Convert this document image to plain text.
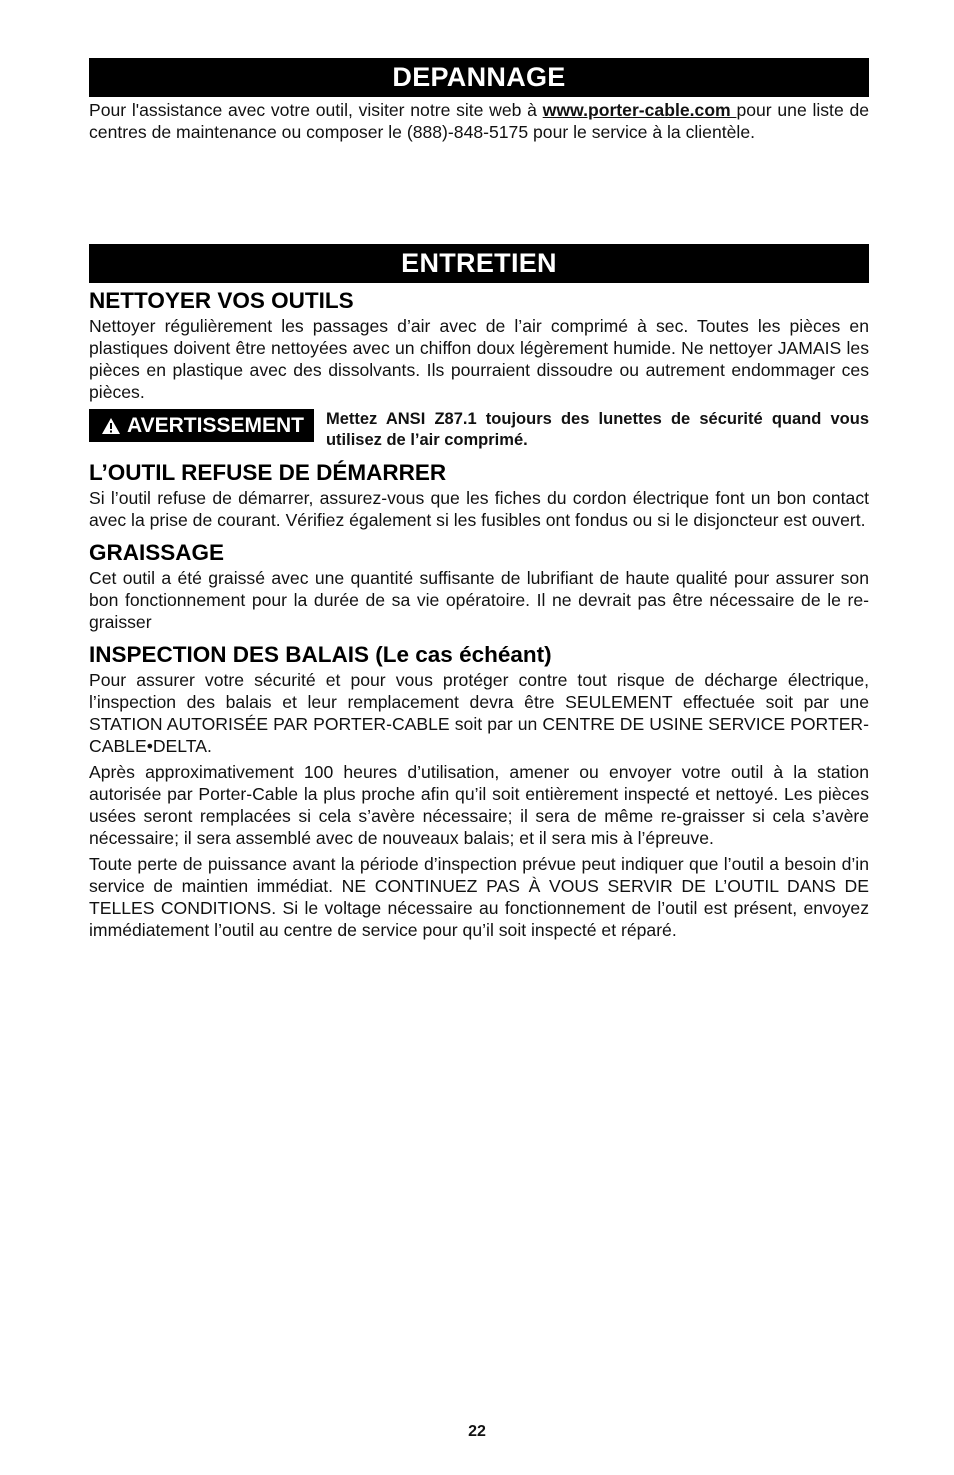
DEPANNAGE

Pour l'assistance avec votre outil, visiter notre site web à www.porter-cable.com pour une liste de centres de maintenance ou composer le (888)-848-5175 pour le service à la clientèle.

ENTRETIEN
NETTOYER VOS OUTILS

Nettoyer régulièrement les passages d’air avec de l’air comprimé à sec. Toutes les pièces en plastiques doivent être nettoyées avec un chiffon doux légèrement humide. Ne nettoyer JAMAIS les pièces en plastique avec des dissolvants. Ils pourraient dissoudre ou autrement endommager ces pièces.

AVERTISSEMENT Mettez ANSI Z87.1 toujours des lunettes de sécurité quand vous utilisez de l’air comprimé.
L’OUTIL REFUSE DE DÉMARRER

Si l’outil refuse de démarrer, assurez-vous que les fiches du cordon électrique font un bon contact avec la prise de courant. Vérifiez également si les fusibles ont fondus ou si le disjoncteur est ouvert.

GRAISSAGE

Cet outil a été graissé avec une quantité suffisante de lubrifiant de haute qualité pour assurer son bon fonctionnement pour la durée de sa vie opératoire. Il ne devrait pas être nécessaire de le re-graisser

INSPECTION DES BALAIS (Le cas échéant)

Pour assurer votre sécurité et pour vous protéger contre tout risque de décharge électrique, l’inspection des balais et leur remplacement devra être SEULEMENT effectuée soit par une STATION AUTORISÉE PAR PORTER-CABLE soit par un CENTRE DE USINE SERVICE PORTER-CABLE•DELTA.

Après approximativement 100 heures d’utilisation, amener ou envoyer votre outil à la station autorisée par Porter-Cable la plus proche afin qu’il soit entièrement inspecté et nettoyé. Les pièces usées seront remplacées si cela s’avère nécessaire; il sera de même re-graisser si cela s’avère nécessaire; il sera assemblé avec de nouveaux balais; et il sera mis à l’épreuve.

Toute perte de puissance avant la période d’inspection prévue peut indiquer que l’outil a besoin d’in service de maintien immédiat. NE CONTINUEZ PAS À VOUS SERVIR DE L’OUTIL DANS DE TELLES CONDITIONS. Si le voltage nécessaire au fonctionnement de l’outil est présent, envoyez immédiatement l’outil au centre de service pour qu’il soit inspecté et réparé.

22
